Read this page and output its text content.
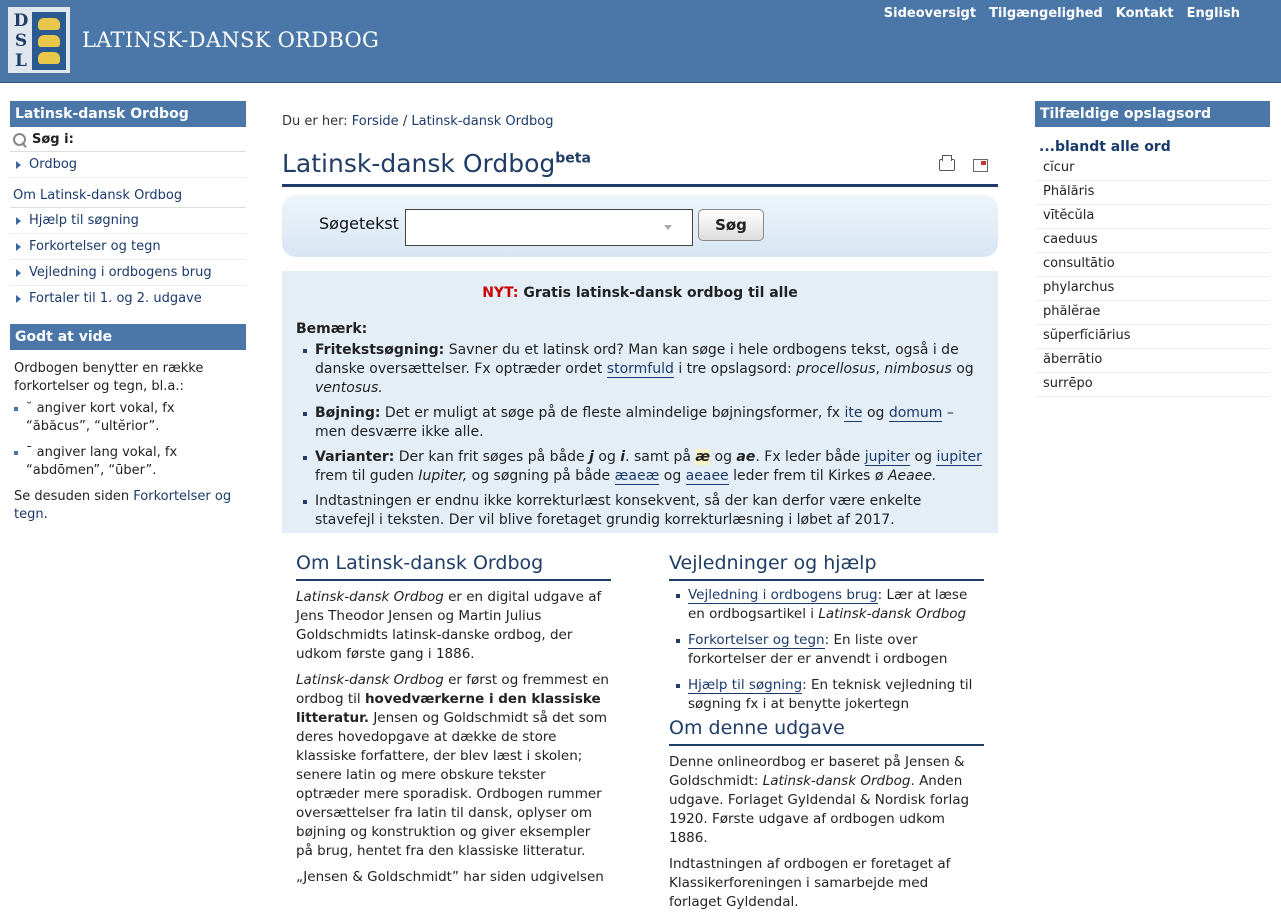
D
S
L
LATINSK-DANSK ORDBOG
Sideoversigt Tilgængelighed Kontakt English
Latinsk-dansk Ordbog
Søg i:
Ordbog
Om Latinsk-dansk Ordbog
Hjælp til søgning
Forkortelser og tegn
Vejledning i ordbogens brug
Fortaler til 1. og 2. udgave
Godt at vide
Ordbogen benytter en række forkortelser og tegn, bl.a.:
˘ angiver kort vokal, fx “ăbăcus”, “ultĕrior”.
¯ angiver lang vokal, fx “abdōmen”, “ūber”.
Se desuden siden Forkortelser og tegn.
Du er her: Forside / Latinsk-dansk Ordbog
Latinsk-dansk Ordbog$^{beta}$
Søgetekst	Søg
NYT: Gratis latinsk-dansk ordbog til alle
Bemærk:
Fritekstsøgning: Savner du et latinsk ord? Man kan søge i hele ordbogens tekst, også i de danske oversættelser. Fx optræder ordet stormfuld i tre opslagsord: procellosus, nimbosus og ventosus.
Bøjning: Det er muligt at søge på de fleste almindelige bøjningsformer, fx ite og domum – men desværre ikke alle.
Varianter: Der kan frit søges på både j og i. samt på æ og ae. Fx leder både jupiter og iupiter frem til guden Iupiter, og søgning på både æaeæ og aeaee leder frem til Kirkes ø Aeaee.
Indtastningen er endnu ikke korrekturlæst konsekvent, så der kan derfor være enkelte stavefejl i teksten. Der vil blive foretaget grundig korrekturlæsning i løbet af 2017.
Om Latinsk-dansk Ordbog

Latinsk-dansk Ordbog er en digital udgave af Jens Theodor Jensen og Martin Julius Goldschmidts latinsk-danske ordbog, der udkom første gang i 1886.

Latinsk-dansk Ordbog er først og fremmest en ordbog til hovedværkerne i den klassiske litteratur. Jensen og Goldschmidt så det som deres hovedopgave at dække de store klassiske forfattere, der blev læst i skolen; senere latin og mere obskure tekster optræder mere sporadisk. Ordbogen rummer oversættelser fra latin til dansk, oplyser om bøjning og konstruktion og giver eksempler på brug, hentet fra den klassiske litteratur.

„Jensen & Goldschmidt” har siden udgivelsen

Vejledninger og hjælp
Vejledning i ordbogens brug: Lær at læse en ordbogsartikel i Latinsk-dansk Ordbog
Forkortelser og tegn: En liste over forkortelser der er anvendt i ordbogen
Hjælp til søgning: En teknisk vejledning til søgning fx i at benytte jokertegn
Om denne udgave

Denne onlineordbog er baseret på Jensen & Goldschmidt: Latinsk-dansk Ordbog. Anden udgave. Forlaget Gyldendal & Nordisk forlag 1920. Første udgave af ordbogen udkom 1886.

Indtastningen af ordbogen er foretaget af Klassikerforeningen i samarbejde med forlaget Gyldendal.

Tilfældige opslagsord
...blandt alle ord
cĭcur
Phălăris
vītĕcŭla
caeduus
consultātio
phylarchus
phălĕrae
sŭperfĭciārius
ăberrātio
surrēpo
